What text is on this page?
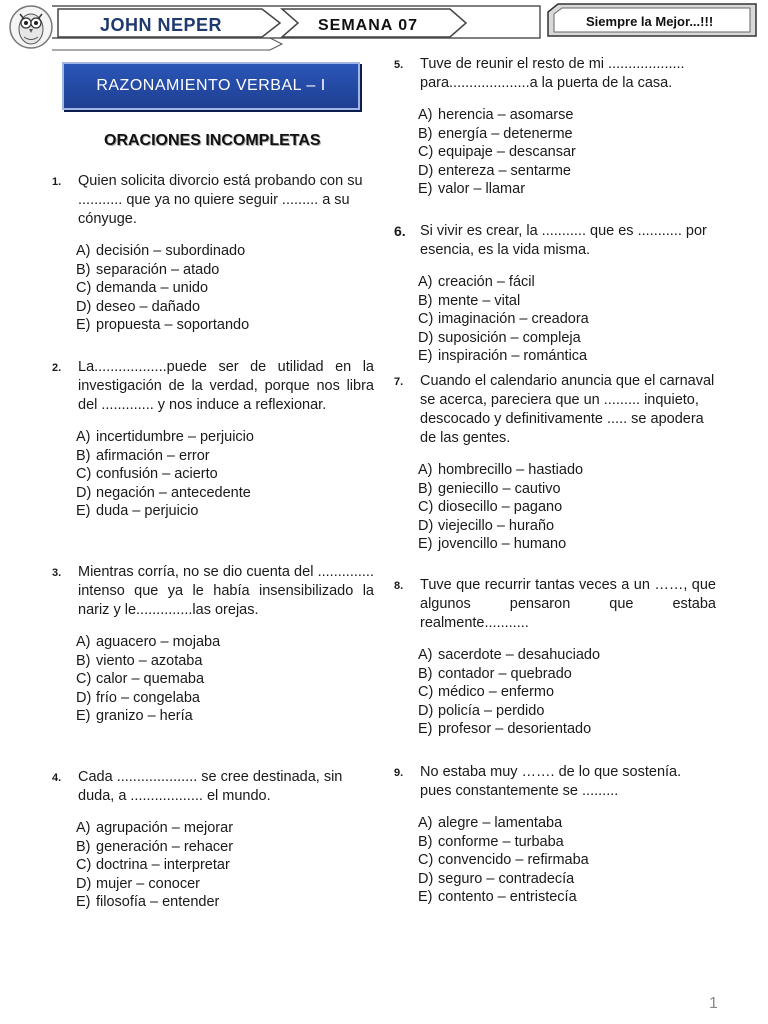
JOHN NEPER	SEMANA 07	Siempre la Mejor...!!!
RAZONAMIENTO VERBAL – I
ORACIONES INCOMPLETAS
1.	Quien solicita divorcio está probando con su ........... que ya no quiere seguir ......... a su cónyuge.
A) decisión – subordinado
B) separación – atado
C) demanda – unido
D) deseo – dañado
E) propuesta – soportando
2.	La..................puede ser de utilidad en la investigación de la verdad, porque nos libra del ............. y nos induce a reflexionar.
A) incertidumbre – perjuicio
B) afirmación – error
C) confusión – acierto
D) negación – antecedente
E) duda – perjuicio
3.	Mientras corría, no se dio cuenta del .............. intenso que ya le había insensibilizado la nariz y le..............las orejas.
A) aguacero – mojaba
B) viento – azotaba
C) calor – quemaba
D) frío – congelaba
E) granizo – hería
4.	Cada .................... se cree destinada, sin duda, a .................. el mundo.
A) agrupación – mejorar
B) generación – rehacer
C) doctrina – interpretar
D) mujer – conocer
E) filosofía – entender
5.	Tuve de reunir el resto de mi ................... para....................a la puerta de la casa.
A) herencia – asomarse
B) energía – detenerme
C) equipaje – descansar
D) entereza – sentarme
E) valor – llamar
6. Si vivir es crear, la ........... que es ........... por esencia, es la vida misma.
A) creación – fácil
B) mente – vital
C) imaginación – creadora
D) suposición – compleja
E) inspiración – romántica
7.	Cuando el calendario anuncia que el carnaval se acerca, pareciera que un ......... inquieto, descocado y definitivamente ..... se apodera de las gentes.
A) hombrecillo – hastiado
B) geniecillo – cautivo
C) diosecillo – pagano
D) viejecillo – huraño
E) jovencillo – humano
8.	Tuve que recurrir tantas veces a un ……, que algunos pensaron que estaba realmente...........
A) sacerdote – desahuciado
B) contador – quebrado
C) médico – enfermo
D) policía – perdido
E) profesor – desorientado
9.	No estaba muy ……. de lo que sostenía. pues constantemente se .........
A) alegre – lamentaba
B) conforme – turbaba
C) convencido – refirmaba
D) seguro – contradecía
E) contento – entristecía
1
